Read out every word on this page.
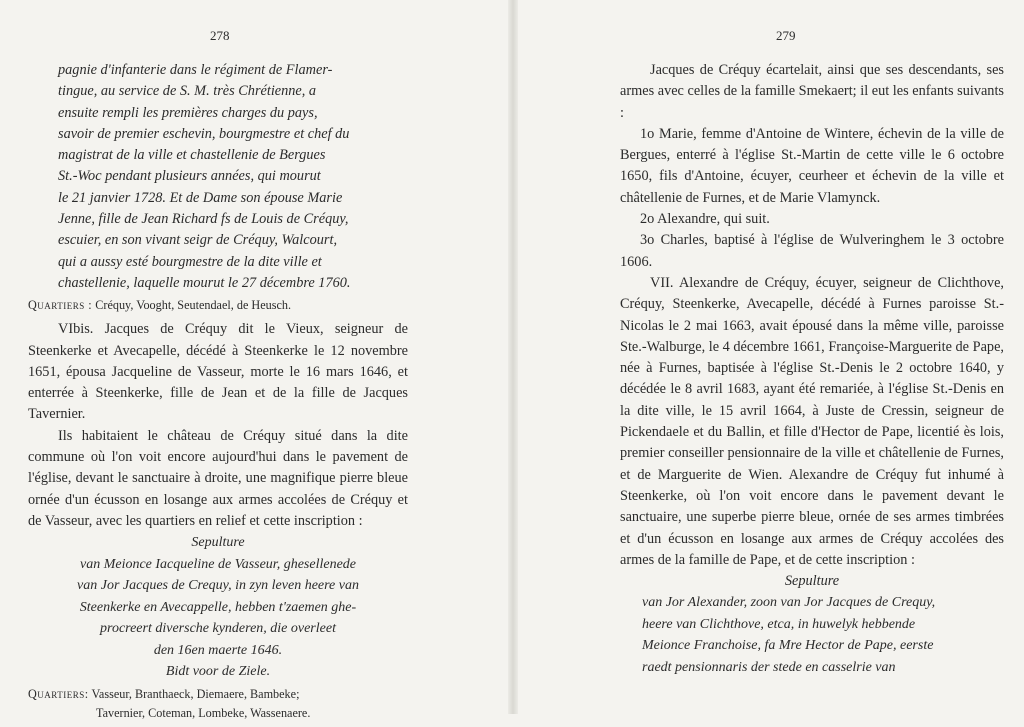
278

pagnie d'infanterie dans le régiment de Flamer-
tingue, au service de S. M. très Chrétienne, a
ensuite rempli les premières charges du pays,
savoir de premier eschevin, bourgmestre et chef du
magistrat de la ville et chastellenie de Bergues
St.-Woc pendant plusieurs années, qui mourut
le 21 janvier 1728. Et de Dame son épouse Marie
Jenne, fille de Jean Richard fs de Louis de Créquy,
escuier, en son vivant seigr de Créquy, Walcourt,
qui a aussy esté bourgmestre de la dite ville et
chastellenie, laquelle mourut le 27 décembre 1760.

Quartiers : Créquy, Vooght, Seutendael, de Heusch.

VIbis. Jacques de Créquy dit le Vieux, seigneur de Steenkerke et Avecapelle, décédé à Steenkerke le 12 novembre 1651, épousa Jacqueline de Vasseur, morte le 16 mars 1646, et enterrée à Steenkerke, fille de Jean et de la fille de Jacques Tavernier.

Ils habitaient le château de Créquy situé dans la dite commune où l'on voit encore aujourd'hui dans le pavement de l'église, devant le sanctuaire à droite, une magnifique pierre bleue ornée d'un écusson en losange aux armes accolées de Créquy et de Vasseur, avec les quartiers en relief et cette inscription :

Sepulture
van Meionce Iacqueline de Vasseur, ghesellenede
van Jor Jacques de Crequy, in zyn leven heere van
Steenkerke en Avecappelle, hebben t'zaemen ghe-
procreert diversche kynderen, die overleet
den 16en maerte 1646.
Bidt voor de Ziele.

Quartiers: Vasseur, Branthaeck, Diemaere, Bambeke;
Tavernier, Coteman, Lombeke, Wassenaere.

279

Jacques de Créquy écartelait, ainsi que ses descendants, ses armes avec celles de la famille Smekaert; il eut les enfants suivants :

1o Marie, femme d'Antoine de Wintere, échevin de la ville de Bergues, enterré à l'église St.-Martin de cette ville le 6 octobre 1650, fils d'Antoine, écuyer, ceurheer et échevin de la ville et châtellenie de Furnes, et de Marie Vlamynck.

2o Alexandre, qui suit.

3o Charles, baptisé à l'église de Wulveringhem le 3 octobre 1606.

VII. Alexandre de Créquy, écuyer, seigneur de Clichthove, Créquy, Steenkerke, Avecapelle, décédé à Furnes paroisse St.-Nicolas le 2 mai 1663, avait épousé dans la même ville, paroisse Ste.-Walburge, le 4 décembre 1661, Françoise-Marguerite de Pape, née à Furnes, baptisée à l'église St.-Denis le 2 octobre 1640, y décédée le 8 avril 1683, ayant été remariée, à l'église St.-Denis en la dite ville, le 15 avril 1664, à Juste de Cressin, seigneur de Pickendaele et du Ballin, et fille d'Hector de Pape, licentié ès lois, premier conseiller pensionnaire de la ville et châtellenie de Furnes, et de Marguerite de Wien. Alexandre de Créquy fut inhumé à Steenkerke, où l'on voit encore dans le pavement devant le sanctuaire, une superbe pierre bleue, ornée de ses armes timbrées et d'un écusson en losange aux armes de Créquy accolées des armes de la famille de Pape, et de cette inscription :

Sepulture
van Jor Alexander, zoon van Jor Jacques de Crequy,
heere van Clichthove, etca, in huwelyk hebbende
Meionce Franchoise, fa Mre Hector de Pape, eerste
raedt pensionnaris der stede en casselrie van
